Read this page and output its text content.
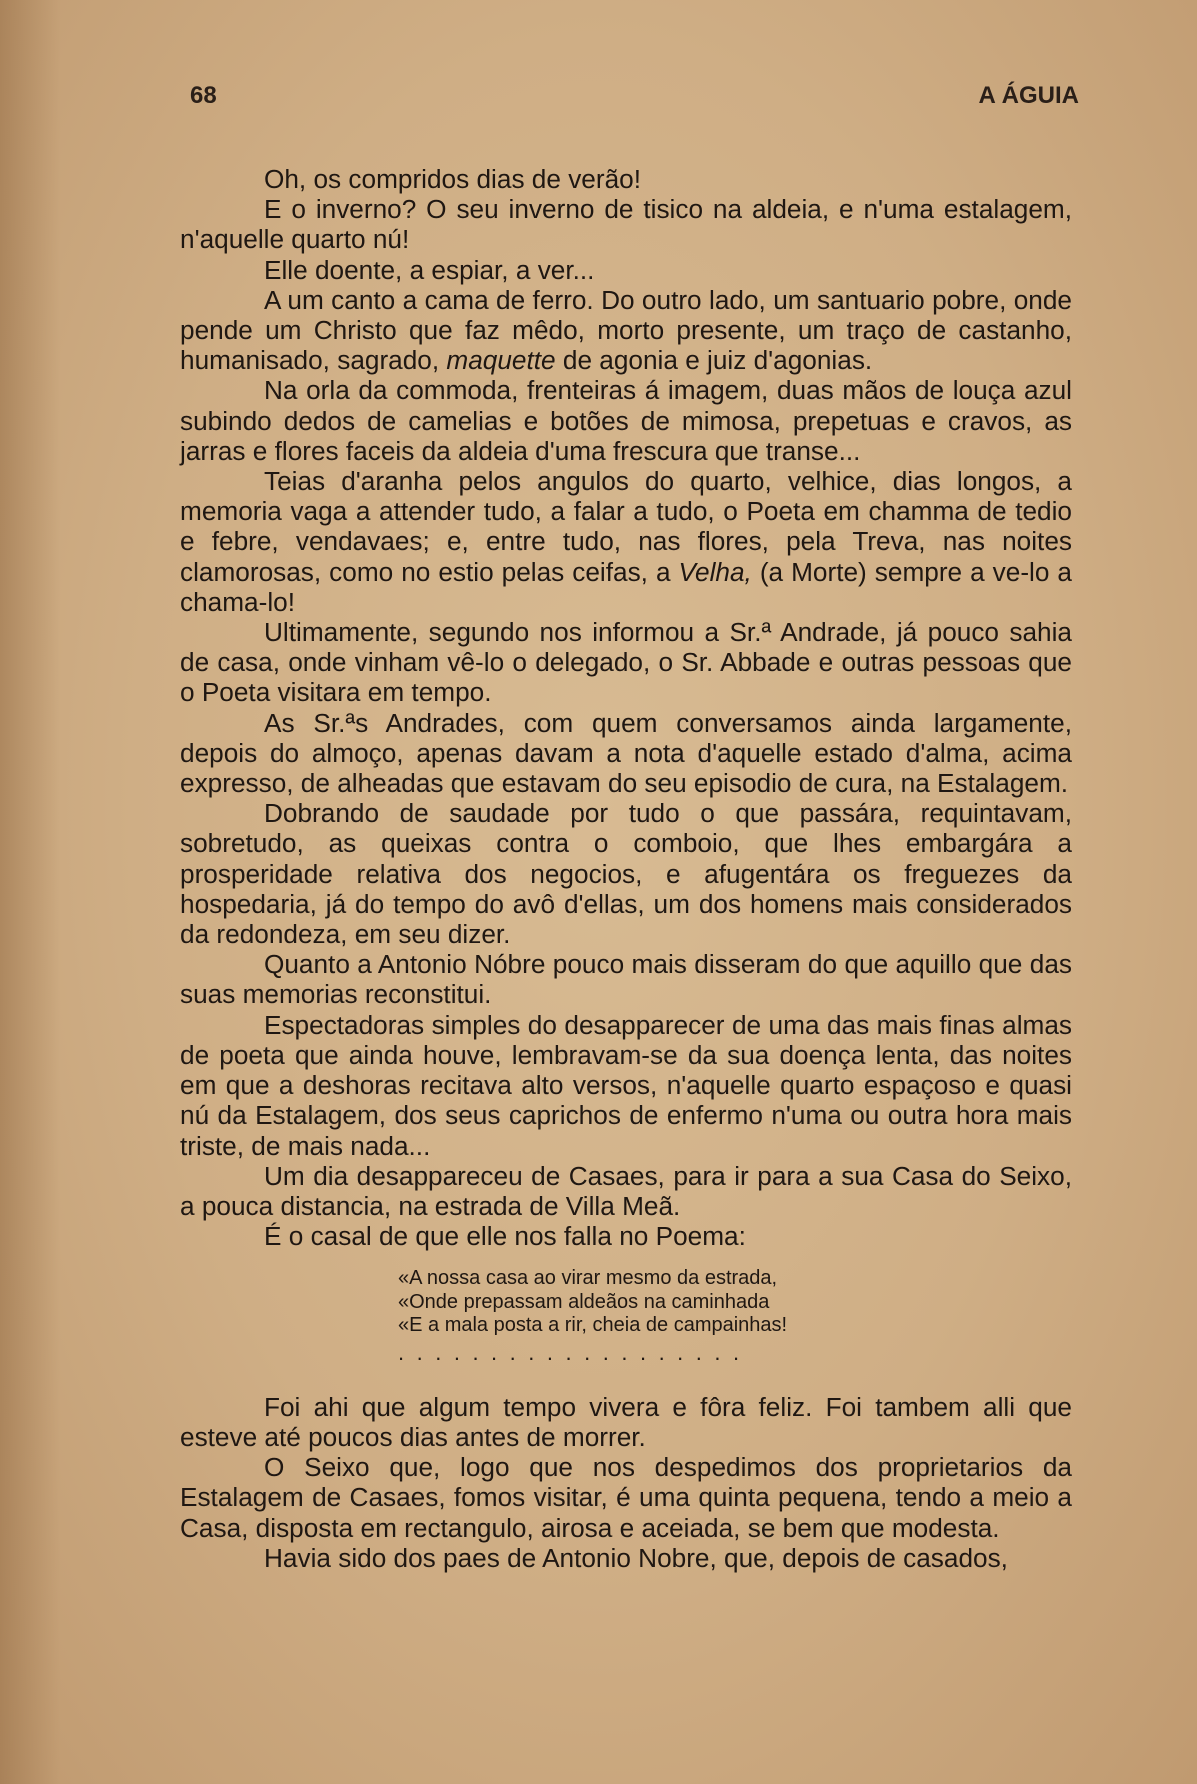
68	A ÁGUIA

Oh, os compridos dias de verão!

E o inverno? O seu inverno de tisico na aldeia, e n'uma estalagem, n'aquelle quarto nú!

Elle doente, a espiar, a ver...

A um canto a cama de ferro. Do outro lado, um santuario pobre, onde pende um Christo que faz mêdo, morto presente, um traço de castanho, humanisado, sagrado, maquette de agonia e juiz d'agonias.

Na orla da commoda, frenteiras á imagem, duas mãos de louça azul subindo dedos de camelias e botões de mimosa, prepetuas e cravos, as jarras e flores faceis da aldeia d'uma frescura que transe...

Teias d'aranha pelos angulos do quarto, velhice, dias longos, a memoria vaga a attender tudo, a falar a tudo, o Poeta em chamma de tedio e febre, vendavaes; e, entre tudo, nas flores, pela Treva, nas noites clamorosas, como no estio pelas ceifas, a Velha, (a Morte) sempre a ve-lo a chama-lo!

Ultimamente, segundo nos informou a Sr.ª Andrade, já pouco sahia de casa, onde vinham vê-lo o delegado, o Sr. Abbade e outras pessoas que o Poeta visitara em tempo.

As Sr.ªs Andrades, com quem conversamos ainda largamente, depois do almoço, apenas davam a nota d'aquelle estado d'alma, acima expresso, de alheadas que estavam do seu episodio de cura, na Estalagem.

Dobrando de saudade por tudo o que passára, requintavam, sobretudo, as queixas contra o comboio, que lhes embargára a prosperidade relativa dos negocios, e afugentára os freguezes da hospedaria, já do tempo do avô d'ellas, um dos homens mais considerados da redondeza, em seu dizer.

Quanto a Antonio Nóbre pouco mais disseram do que aquillo que das suas memorias reconstitui.

Espectadoras simples do desapparecer de uma das mais finas almas de poeta que ainda houve, lembravam-se da sua doença lenta, das noites em que a deshoras recitava alto versos, n'aquelle quarto espaçoso e quasi nú da Estalagem, dos seus caprichos de enfermo n'uma ou outra hora mais triste, de mais nada...

Um dia desappareceu de Casaes, para ir para a sua Casa do Seixo, a pouca distancia, na estrada de Villa Meã.

É o casal de que elle nos falla no Poema:

«A nossa casa ao virar mesmo da estrada,
«Onde prepassam aldeãos na caminhada
«E a mala posta a rir, cheia de campainhas!
...................

Foi ahi que algum tempo vivera e fôra feliz. Foi tambem alli que esteve até poucos dias antes de morrer.

O Seixo que, logo que nos despedimos dos proprietarios da Estalagem de Casaes, fomos visitar, é uma quinta pequena, tendo a meio a Casa, disposta em rectangulo, airosa e aceiada, se bem que modesta.

Havia sido dos paes de Antonio Nobre, que, depois de casados,
